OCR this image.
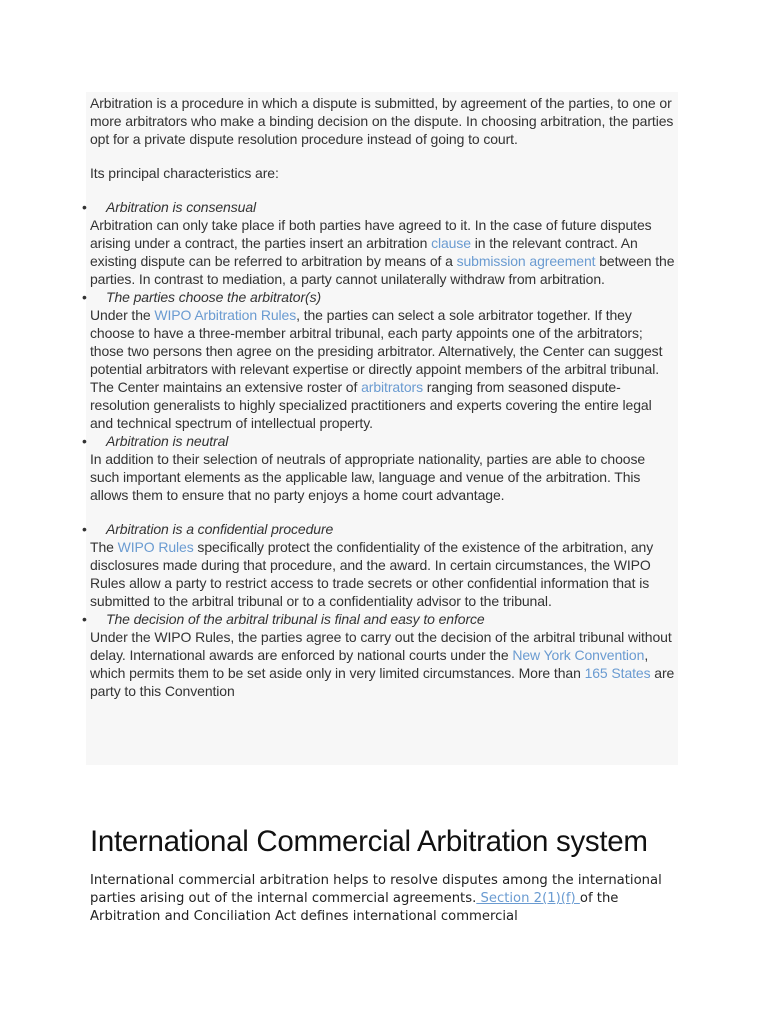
Arbitration is a procedure in which a dispute is submitted, by agreement of the parties, to one or more arbitrators who make a binding decision on the dispute. In choosing arbitration, the parties opt for a private dispute resolution procedure instead of going to court.

Its principal characteristics are:

• Arbitration is consensual

Arbitration can only take place if both parties have agreed to it. In the case of future disputes arising under a contract, the parties insert an arbitration clause in the relevant contract. An existing dispute can be referred to arbitration by means of a submission agreement between the parties. In contrast to mediation, a party cannot unilaterally withdraw from arbitration.

• The parties choose the arbitrator(s)

Under the WIPO Arbitration Rules, the parties can select a sole arbitrator together. If they choose to have a three-member arbitral tribunal, each party appoints one of the arbitrators; those two persons then agree on the presiding arbitrator. Alternatively, the Center can suggest potential arbitrators with relevant expertise or directly appoint members of the arbitral tribunal. The Center maintains an extensive roster of arbitrators ranging from seasoned dispute-resolution generalists to highly specialized practitioners and experts covering the entire legal and technical spectrum of intellectual property.

• Arbitration is neutral

In addition to their selection of neutrals of appropriate nationality, parties are able to choose such important elements as the applicable law, language and venue of the arbitration. This allows them to ensure that no party enjoys a home court advantage.

• Arbitration is a confidential procedure

The WIPO Rules specifically protect the confidentiality of the existence of the arbitration, any disclosures made during that procedure, and the award. In certain circumstances, the WIPO Rules allow a party to restrict access to trade secrets or other confidential information that is submitted to the arbitral tribunal or to a confidentiality advisor to the tribunal.

• The decision of the arbitral tribunal is final and easy to enforce

Under the WIPO Rules, the parties agree to carry out the decision of the arbitral tribunal without delay. International awards are enforced by national courts under the New York Convention, which permits them to be set aside only in very limited circumstances. More than 165 States are party to this Convention

International Commercial Arbitration system

International commercial arbitration helps to resolve disputes among the international parties arising out of the internal commercial agreements. Section 2(1)(f) of the Arbitration and Conciliation Act defines international commercial
